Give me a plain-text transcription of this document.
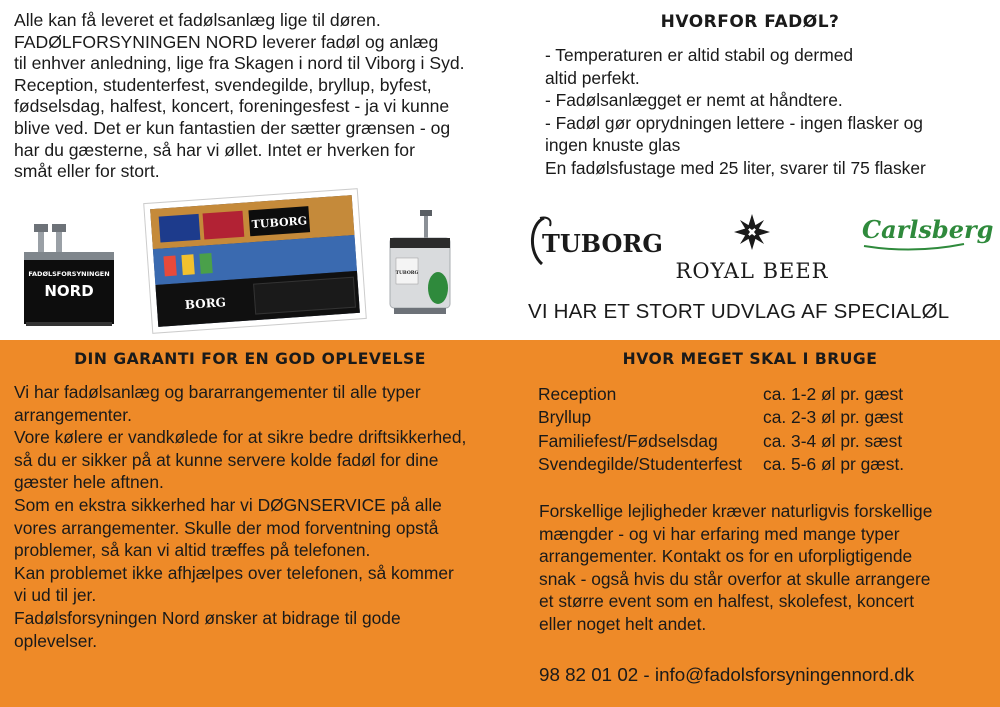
Alle kan få leveret et fadølsanlæg lige til døren.
FADØLFORSYNINGEN NORD leverer fadøl og anlæg
til enhver anledning, lige fra Skagen i nord til Viborg i Syd.
Reception, studenterfest, svendegilde, bryllup, byfest,
fødselsdag, halfest, koncert, foreningesfest - ja vi kunne
blive ved. Det er kun fantastien der sætter grænsen - og
har du gæsterne, så har vi øllet. Intet er hverken for
småt eller for stort.

HVORFOR FADØL?
- Temperaturen er altid stabil og dermed
altid perfekt.
- Fadølsanlægget er nemt at håndtere.
- Fadøl gør oprydningen lettere - ingen flasker og
ingen knuste glas
En fadølsfustage med 25 liter, svarer til 75 flasker
TUBORG
ROYAL BEER
Carlsberg
VI HAR ET STORT UDVLAG AF SPECIALØL
FADØLSFORSYNINGEN
NORD
TUBORG
BORG
TUBORG
DIN GARANTI FOR EN GOD OPLEVELSE
Vi har fadølsanlæg og bararrangementer til alle typer
arrangementer.
Vore kølere er vandkølede for at sikre bedre driftsikkerhed,
så du er sikker på at kunne servere kolde fadøl for dine
gæster hele aftnen.
Som en ekstra sikkerhed har vi DØGNSERVICE på alle
vores arrangementer. Skulle der mod forventning opstå
problemer, så kan vi altid træffes på telefonen.
Kan problemet ikke afhjælpes over telefonen, så kommer
vi ud til jer.
Fadølsforsyningen Nord ønsker at bidrage til gode
oplevelser.
HVOR MEGET SKAL I BRUGE
Reception	ca. 1-2 øl pr. gæst
Bryllup	ca. 2-3 øl pr. gæst
Familiefest/Fødselsdag	ca. 3-4 øl pr. sæst
Svendegilde/Studenterfest	ca. 5-6 øl pr gæst.
Forskellige lejligheder kræver naturligvis forskellige
mængder - og vi har erfaring med mange typer
arrangementer. Kontakt os for en uforpligtigende
snak - også hvis du står overfor at skulle arrangere
et større event som en halfest, skolefest, koncert
eller noget helt andet.
98 82 01 02 - info@fadolsforsyningennord.dk
